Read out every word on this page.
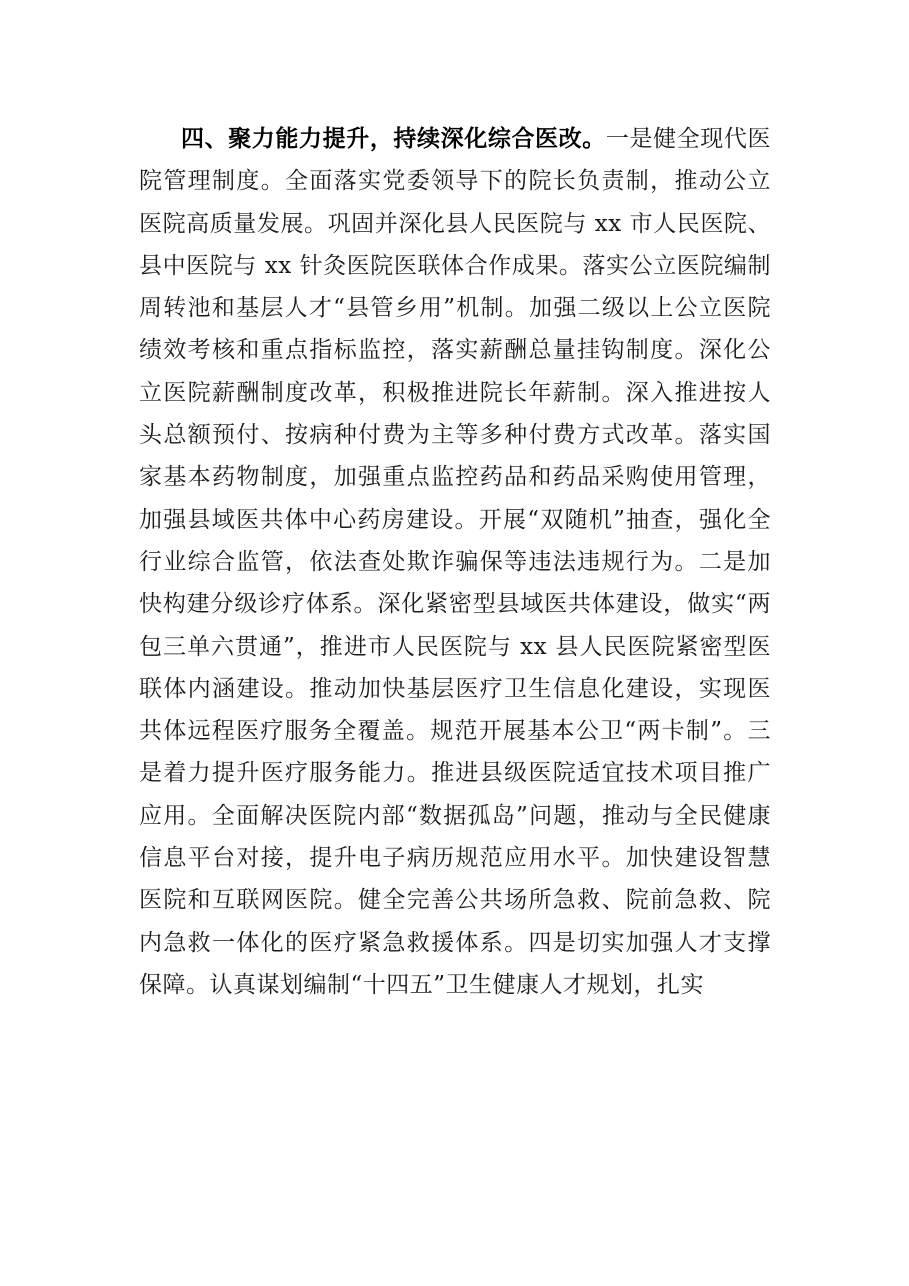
四、聚力能力提升，持续深化综合医改。一是健全现代医院管理制度。全面落实党委领导下的院长负责制，推动公立医院高质量发展。巩固并深化县人民医院与 xx 市人民医院、县中医院与 xx 针灸医院医联体合作成果。落实公立医院编制周转池和基层人才“县管乡用”机制。加强二级以上公立医院绩效考核和重点指标监控，落实薪酬总量挂钩制度。深化公立医院薪酬制度改革，积极推进院长年薪制。深入推进按人头总额预付、按病种付费为主等多种付费方式改革。落实国家基本药物制度，加强重点监控药品和药品采购使用管理，加强县域医共体中心药房建设。开展“双随机”抽查，强化全行业综合监管，依法查处欺诈骗保等违法违规行为。二是加快构建分级诊疗体系。深化紧密型县域医共体建设，做实“两包三单六贯通”，推进市人民医院与 xx 县人民医院紧密型医联体内涵建设。推动加快基层医疗卫生信息化建设，实现医共体远程医疗服务全覆盖。规范开展基本公卫“两卡制”。三是着力提升医疗服务能力。推进县级医院适宜技术项目推广应用。全面解决医院内部“数据孤岛”问题，推动与全民健康信息平台对接，提升电子病历规范应用水平。加快建设智慧医院和互联网医院。健全完善公共场所急救、院前急救、院内急救一体化的医疗紧急救援体系。四是切实加强人才支撑保障。认真谋划编制“十四五”卫生健康人才规划，扎实
